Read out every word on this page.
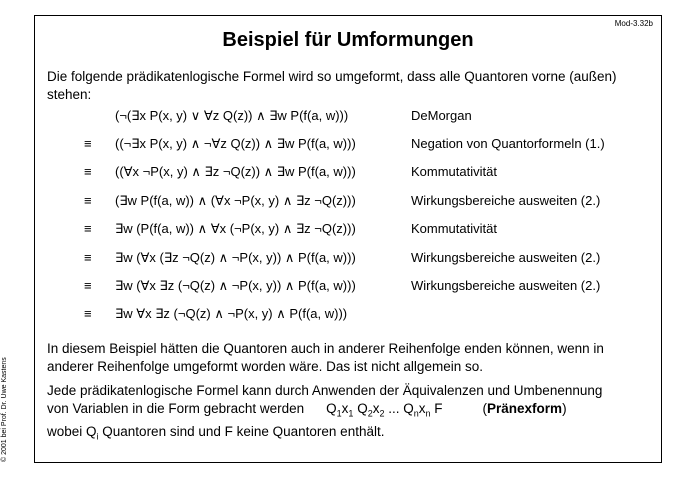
Mod-3.32b
Beispiel für Umformungen

Die folgende prädikatenlogische Formel wird so umgeformt, dass alle Quantoren vorne (außen) stehen:

(¬(∃x P(x, y) ∨ ∀z Q(z)) ∧ ∃w P(f(a, w)))	DeMorgan
≡	((¬∃x P(x, y) ∧ ¬∀z Q(z)) ∧ ∃w P(f(a, w)))	Negation von Quantorformeln (1.)
≡	((∀x ¬P(x, y) ∧ ∃z ¬Q(z)) ∧ ∃w P(f(a, w)))	Kommutativität
≡	(∃w P(f(a, w)) ∧ (∀x ¬P(x, y) ∧ ∃z ¬Q(z)))	Wirkungsbereiche ausweiten (2.)
≡	∃w (P(f(a, w)) ∧ ∀x (¬P(x, y) ∧ ∃z ¬Q(z)))	Kommutativität
≡	∃w (∀x (∃z ¬Q(z) ∧ ¬P(x, y)) ∧ P(f(a, w)))	Wirkungsbereiche ausweiten (2.)
≡	∃w (∀x ∃z (¬Q(z) ∧ ¬P(x, y)) ∧ P(f(a, w)))	Wirkungsbereiche ausweiten (2.)
≡	∃w ∀x ∃z (¬Q(z) ∧ ¬P(x, y) ∧ P(f(a, w)))

In diesem Beispiel hätten die Quantoren auch in anderer Reihenfolge enden können, wenn in anderer Reihenfolge umgeformt worden wäre. Das ist nicht allgemein so.

Jede prädikatenlogische Formel kann durch Anwenden der Äquivalenzen und Umbenennung
von Variablen in die Form gebracht werden $Q_1x_1$ $Q_2x_2$ ... $Q_nx_n$ F	(Pränexform)
wobei $Q_i$ Quantoren sind und F keine Quantoren enthält.

© 2001 bei Prof. Dr. Uwe Kastens
